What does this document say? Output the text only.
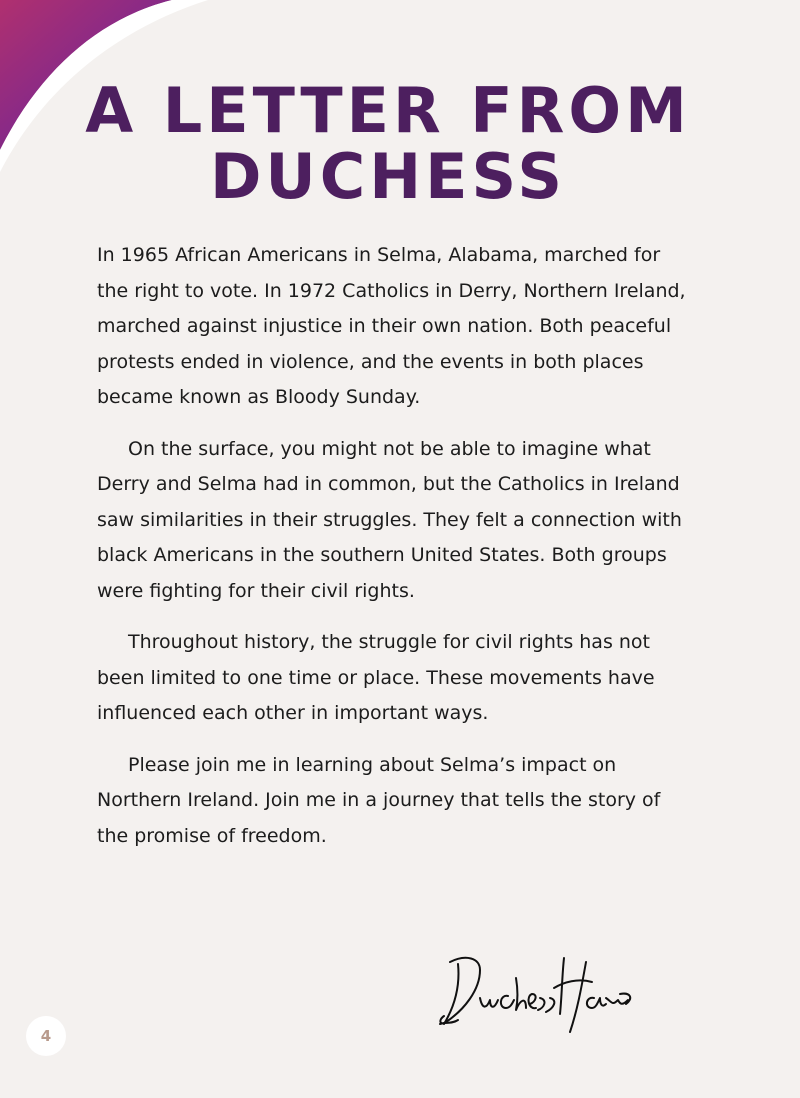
A LETTER FROM
DUCHESS

In 1965 African Americans in Selma, Alabama, marched for the right to vote. In 1972 Catholics in Derry, Northern Ireland, marched against injustice in their own nation. Both peaceful protests ended in violence, and the events in both places became known as Bloody Sunday.

On the surface, you might not be able to imagine what Derry and Selma had in common, but the Catholics in Ireland saw similarities in their struggles. They felt a connection with black Americans in the southern United States. Both groups were fighting for their civil rights.

Throughout history, the struggle for civil rights has not been limited to one time or place. These movements have influenced each other in important ways.

Please join me in learning about Selma’s impact on Northern Ireland. Join me in a journey that tells the story of the promise of freedom.

4
